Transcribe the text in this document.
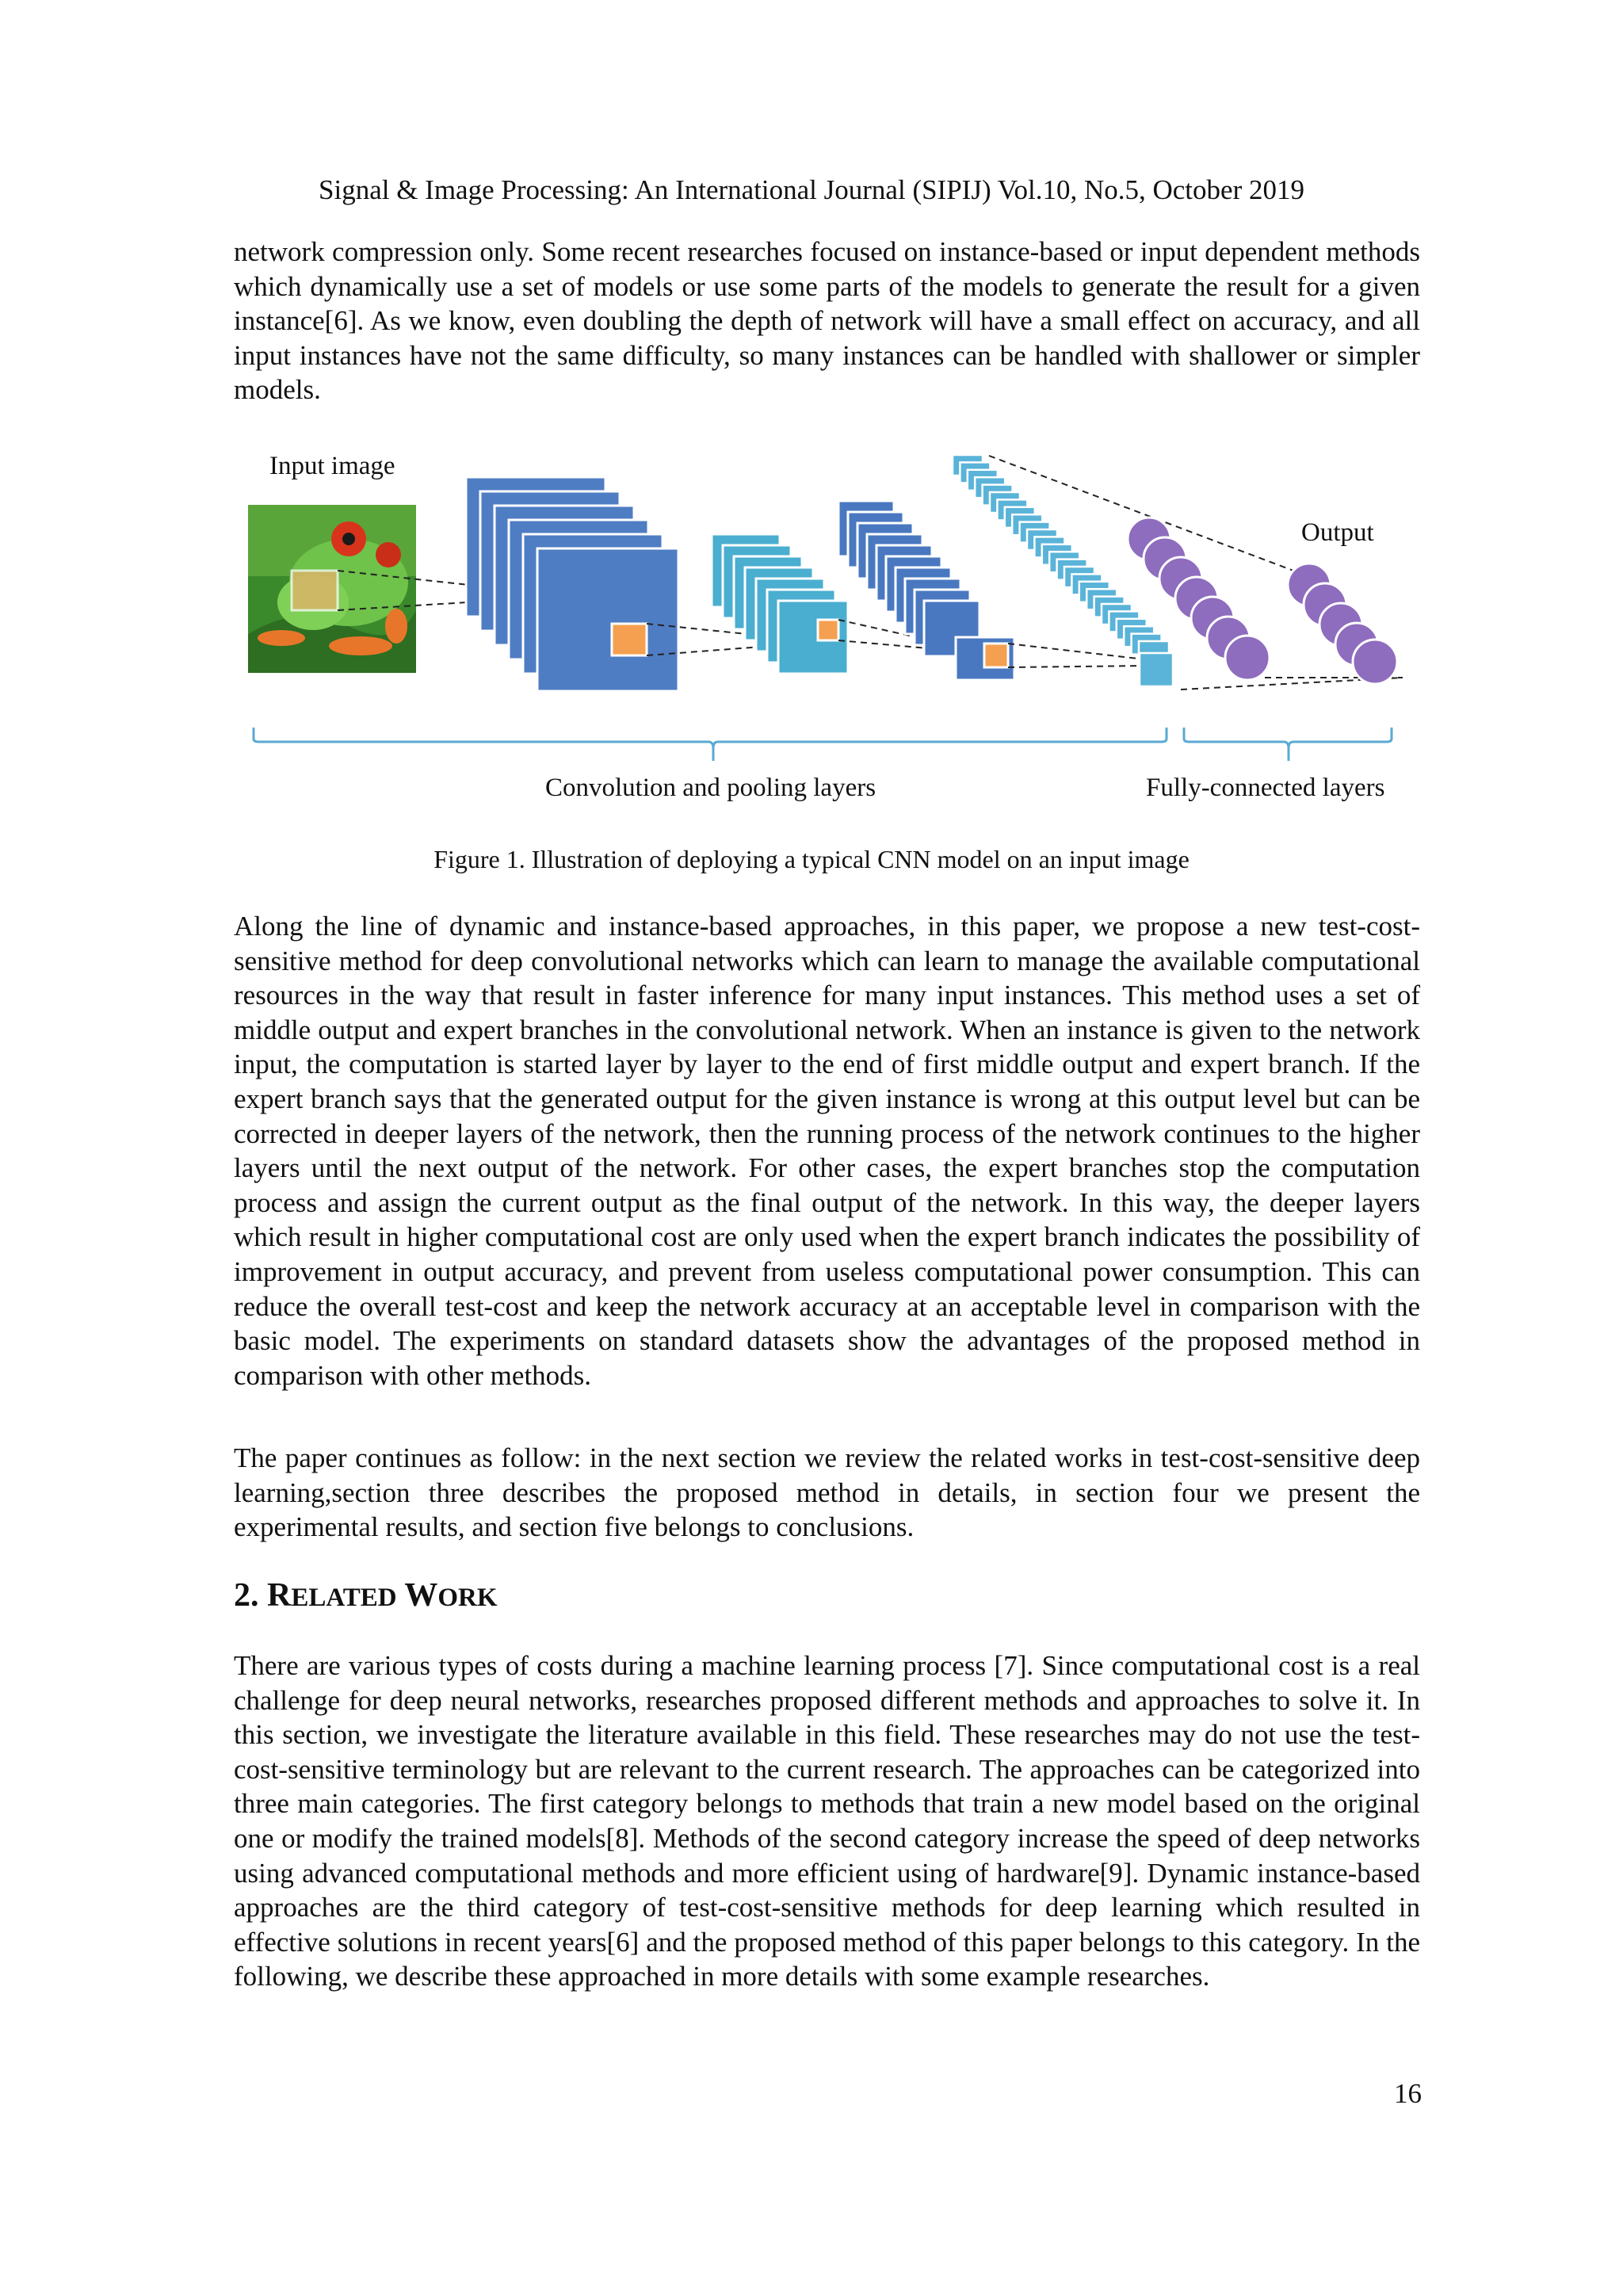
Signal & Image Processing: An International Journal (SIPIJ) Vol.10, No.5, October 2019

network compression only. Some recent researches focused on instance-based or input dependent methods which dynamically use a set of models or use some parts of the models to generate the result for a given instance[6]. As we know, even doubling the depth of network will have a small effect on accuracy, and all input instances have not the same difficulty, so many instances can be handled with shallower or simpler models.

Input image
Output
Convolution and pooling layers	Fully-connected layers
Figure 1. Illustration of deploying a typical CNN model on an input image

Along the line of dynamic and instance-based approaches, in this paper, we propose a new test-cost-sensitive method for deep convolutional networks which can learn to manage the available computational resources in the way that result in faster inference for many input instances. This method uses a set of middle output and expert branches in the convolutional network. When an instance is given to the network input, the computation is started layer by layer to the end of first middle output and expert branch. If the expert branch says that the generated output for the given instance is wrong at this output level but can be corrected in deeper layers of the network, then the running process of the network continues to the higher layers until the next output of the network. For other cases, the expert branches stop the computation process and assign the current output as the final output of the network. In this way, the deeper layers which result in higher computational cost are only used when the expert branch indicates the possibility of improvement in output accuracy, and prevent from useless computational power consumption. This can reduce the overall test-cost and keep the network accuracy at an acceptable level in comparison with the basic model. The experiments on standard datasets show the advantages of the proposed method in comparison with other methods.

The paper continues as follow: in the next section we review the related works in test-cost-sensitive deep learning,section three describes the proposed method in details, in section four we present the experimental results, and section five belongs to conclusions.

2. RELATED WORK

There are various types of costs during a machine learning process [7]. Since computational cost is a real challenge for deep neural networks, researches proposed different methods and approaches to solve it. In this section, we investigate the literature available in this field. These researches may do not use the test-cost-sensitive terminology but are relevant to the current research. The approaches can be categorized into three main categories. The first category belongs to methods that train a new model based on the original one or modify the trained models[8]. Methods of the second category increase the speed of deep networks using advanced computational methods and more efficient using of hardware[9]. Dynamic instance-based approaches are the third category of test-cost-sensitive methods for deep learning which resulted in effective solutions in recent years[6] and the proposed method of this paper belongs to this category. In the following, we describe these approached in more details with some example researches.

16
